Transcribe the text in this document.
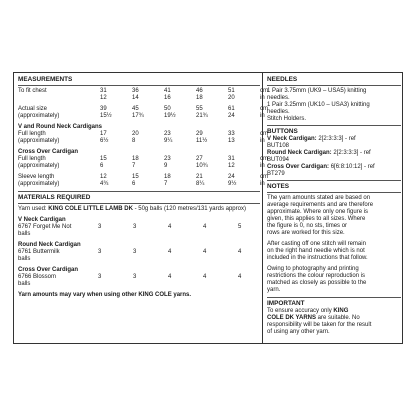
MEASUREMENTS

To fit chest	31	36	41	46	51	cm
12	14	16	18	20	in
Actual size	39	45	50	55	61	cm
(approximately)	15½	17¾	19½	21¾	24	in

V and Round Neck Cardigans

Full length	17	20	23	29	33	cm
(approximately)	6½	8	9¼	11½	13	in

Cross Over Cardigan

Full length	15	18	23	27	31	cm
(approximately)	6	7	9	10¾	12	in
Sleeve length	12	15	18	21	24	cm
(approximately)	4¾	6	7	8¼	9½	in

MATERIALS REQUIRED

Yarn used: KING COLE LITTLE LAMB DK - 50g balls (120 metres/131 yards approx)

V Neck Cardigan

6767 Forget Me Not	3	3	4	4	5
balls

Round Neck Cardigan

6761 Buttermilk	3	3	4	4	4
balls

Cross Over Cardigan

6766 Blossom	3	3	4	4	4
balls

Yarn amounts may vary when using other KING COLE yarns.

NEEDLES

1 Pair 3.75mm (UK9 – USA5) knitting

needles.

1 Pair 3.25mm (UK10 – USA3) knitting

needles.

Stitch Holders.

BUTTONS

V Neck Cardigan: 2[2:3:3:3] - ref

BUT108

Round Neck Cardigan: 2[2:3:3:3] - ref

BUT094

Cross Over Cardigan: 6[6:8:10:12] - ref

BT279

NOTES

The yarn amounts stated are based on

average requirements and are therefore

approximate. Where only one figure is

given, this applies to all sizes. Where

the figure is 0, no sts, times or

rows are worked for this size.

After casting off one stitch will remain

on the right hand needle which is not

included in the instructions that follow.

Owing to photography and printing

restrictions the colour reproduction is

matched as closely as possible to the

yarn.

IMPORTANT

To ensure accuracy only KING

COLE DK YARNS are suitable. No

responsibility will be taken for the result

of using any other yarn.
